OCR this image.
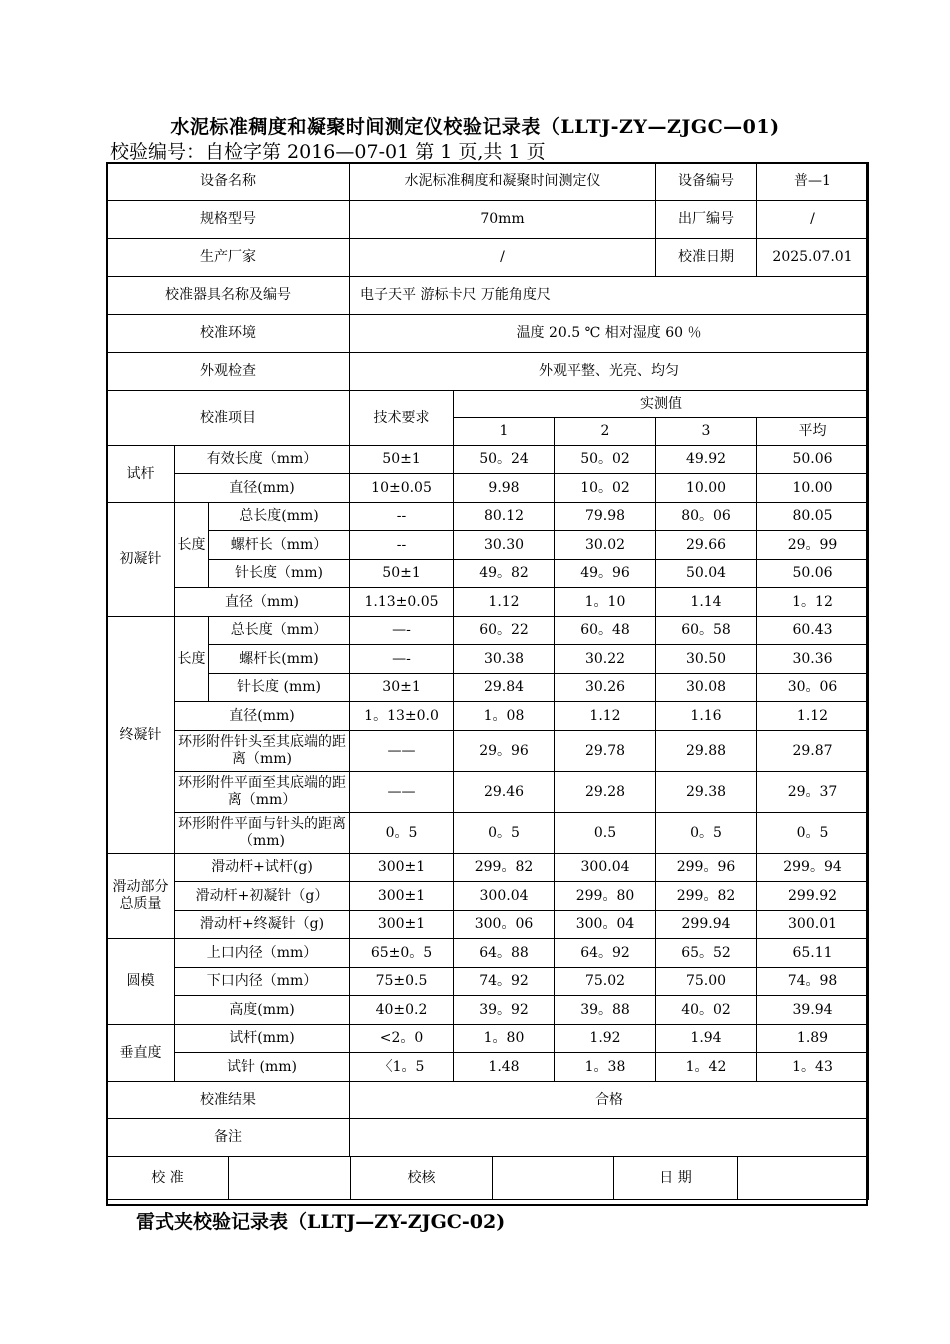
水泥标准稠度和凝聚时间测定仪校验记录表（LLTJ-ZY—ZJGC—01)
校验编号：自检字第 2016—07-01 第 1 页,共 1 页
设备名称			水泥标准稠度和凝聚时间测定仪			设备编号	普—1
规格型号			70mm			出厂编号	/
生产厂家			/			校准日期	2025.07.01
校准器具名称及编号			电子天平 游标卡尺 万能角度尺				
校准环境			温度 20.5 ℃ 相对湿度 60 ％				
外观检查			外观平整、光亮、均匀				
校准项目			技术要求	实测值			
				1	2	3	平均
试杆	有效长度（mm）		50±1	50。24	50。02	49.92	50.06
	直径(mm)		10±0.05	9.98	10。02	10.00	10.00
初凝针	长度	总长度(mm)	--	80.12	79.98	80。06	80.05
		螺杆长（mm）	--	30.30	30.02	29.66	29。99
		针长度（mm)	50±1	49。82	49。96	50.04	50.06
	直径（mm)		1.13±0.05	1.12	1。10	1.14	1。12
终凝针	长度	总长度（mm）	—-	60。22	60。48	60。58	60.43
		螺杆长(mm)	—-	30.38	30.22	30.50	30.36
		针长度 (mm)	30±1	29.84	30.26	30.08	30。06
	直径(mm)		1。13±0.0	1。08	1.12	1.16	1.12
	环形附件针头至其底端的距离（mm)		——	29。96	29.78	29.88	29.87
	环形附件平面至其底端的距离（mm）		——	29.46	29.28	29.38	29。37
	环形附件平面与针头的距离（mm)		0。5	0。5	0.5	0。5	0。5
滑动部分总质量	滑动杆+试杆(g)		300±1	299。82	300.04	299。96	299。94
	滑动杆+初凝针（g）		300±1	300.04	299。80	299。82	299.92
	滑动杆+终凝针（g)		300±1	300。06	300。04	299.94	300.01
圆模	上口内径（mm）		65±0。5	64。88	64。92	65。52	65.11
	下口内径（mm）		75±0.5	74。92	75.02	75.00	74。98
	高度(mm)		40±0.2	39。92	39。88	40。02	39.94
垂直度	试杆(mm)		<2。0	1。80	1.92	1.94	1.89
	试针 (mm)		〈1。5	1.48	1。38	1。42	1。43
校准结果			合格				
备注							
校 准		校核		日 期	
雷式夹校验记录表（LLTJ—ZY-ZJGC-02)
